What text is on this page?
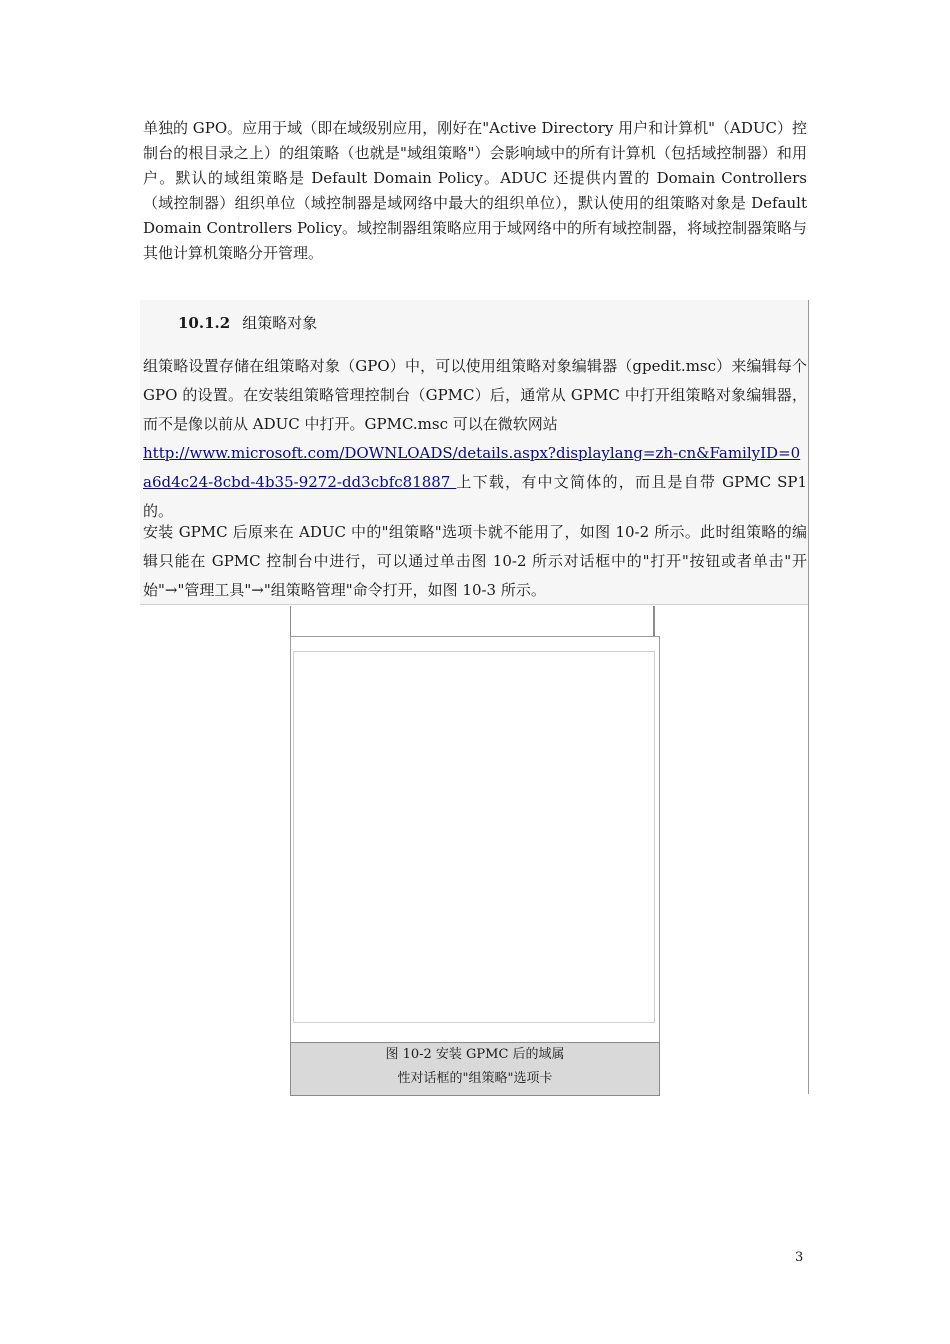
单独的 GPO。应用于域（即在域级别应用，刚好在"Active Directory 用户和计算机"（ADUC）控制台的根目录之上）的组策略（也就是"域组策略"）会影响域中的所有计算机（包括域控制器）和用户。默认的域组策略是 Default Domain Policy。ADUC 还提供内置的 Domain Controllers（域控制器）组织单位（域控制器是域网络中最大的组织单位），默认使用的组策略对象是 Default Domain Controllers Policy。域控制器组策略应用于域网络中的所有域控制器，将域控制器策略与其他计算机策略分开管理。

10.1.2 组策略对象

组策略设置存储在组策略对象（GPO）中，可以使用组策略对象编辑器（gpedit.msc）来编辑每个 GPO 的设置。在安装组策略管理控制台（GPMC）后，通常从 GPMC 中打开组策略对象编辑器，而不是像以前从 ADUC 中打开。GPMC.msc 可以在微软网站
http://www.microsoft.com/DOWNLOADS/details.aspx?displaylang=zh-cn&FamilyID=0a6d4c24-8cbd-4b35-9272-dd3cbfc81887 上下载，有中文简体的，而且是自带 GPMC SP1 的。

安装 GPMC 后原来在 ADUC 中的"组策略"选项卡就不能用了，如图 10-2 所示。此时组策略的编辑只能在 GPMC 控制台中进行，可以通过单击图 10-2 所示对话框中的"打开"按钮或者单击"开始"→"管理工具"→"组策略管理"命令打开，如图 10-3 所示。

图 10-2 安装 GPMC 后的域属
性对话框的"组策略"选项卡
3
